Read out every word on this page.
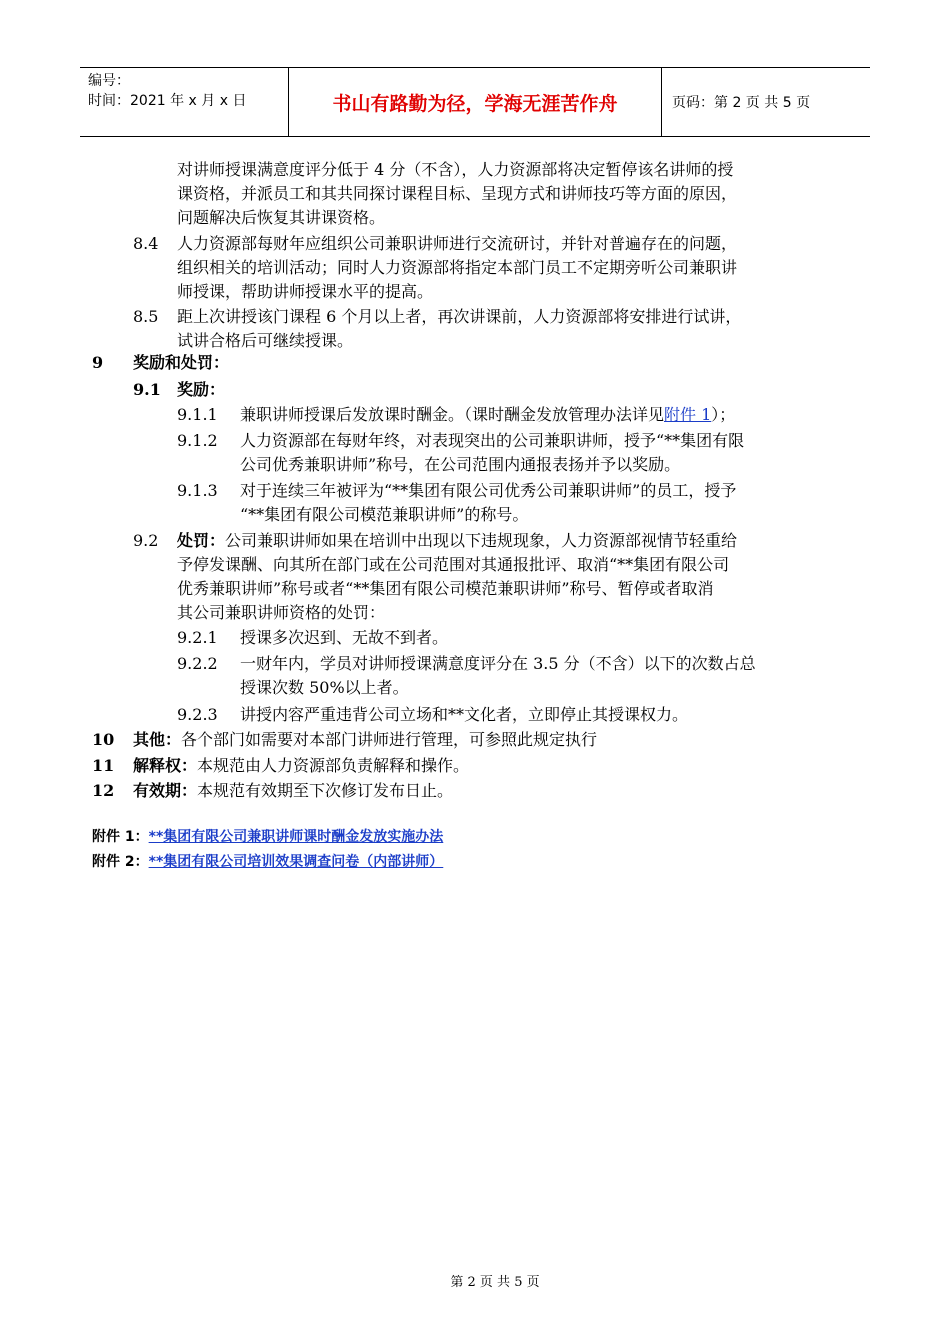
编号：
时间：2021 年 x 月 x 日	书山有路勤为径，学海无涯苦作舟	页码：第 2 页 共 5 页
对讲师授课满意度评分低于 4 分（不含），人力资源部将决定暂停该名讲师的授
课资格，并派员工和其共同探讨课程目标、呈现方式和讲师技巧等方面的原因，
问题解决后恢复其讲课资格。
8.4 人力资源部每财年应组织公司兼职讲师进行交流研讨，并针对普遍存在的问题，
组织相关的培训活动；同时人力资源部将指定本部门员工不定期旁听公司兼职讲
师授课，帮助讲师授课水平的提高。
8.5 距上次讲授该门课程 6 个月以上者，再次讲课前，人力资源部将安排进行试讲，
试讲合格后可继续授课。
9 奖励和处罚：
9.1 奖励：
9.1.1 兼职讲师授课后发放课时酬金。（课时酬金发放管理办法详见附件 1）；
9.1.2 人力资源部在每财年终，对表现突出的公司兼职讲师，授予“**集团有限
公司优秀兼职讲师”称号，在公司范围内通报表扬并予以奖励。
9.1.3 对于连续三年被评为“**集团有限公司优秀公司兼职讲师”的员工，授予
“**集团有限公司模范兼职讲师”的称号。
9.2 处罚：公司兼职讲师如果在培训中出现以下违规现象，人力资源部视情节轻重给
予停发课酬、向其所在部门或在公司范围对其通报批评、取消“**集团有限公司
优秀兼职讲师”称号或者“**集团有限公司模范兼职讲师”称号、暂停或者取消
其公司兼职讲师资格的处罚：
9.2.1 授课多次迟到、无故不到者。
9.2.2 一财年内，学员对讲师授课满意度评分在 3.5 分（不含）以下的次数占总
授课次数 50%以上者。
9.2.3 讲授内容严重违背公司立场和**文化者，立即停止其授课权力。
10 其他：各个部门如需要对本部门讲师进行管理，可参照此规定执行
11 解释权：本规范由人力资源部负责解释和操作。
12 有效期：本规范有效期至下次修订发布日止。
附件 1：**集团有限公司兼职讲师课时酬金发放实施办法
附件 2：**集团有限公司培训效果调查问卷（内部讲师）
第 2 页 共 5 页
